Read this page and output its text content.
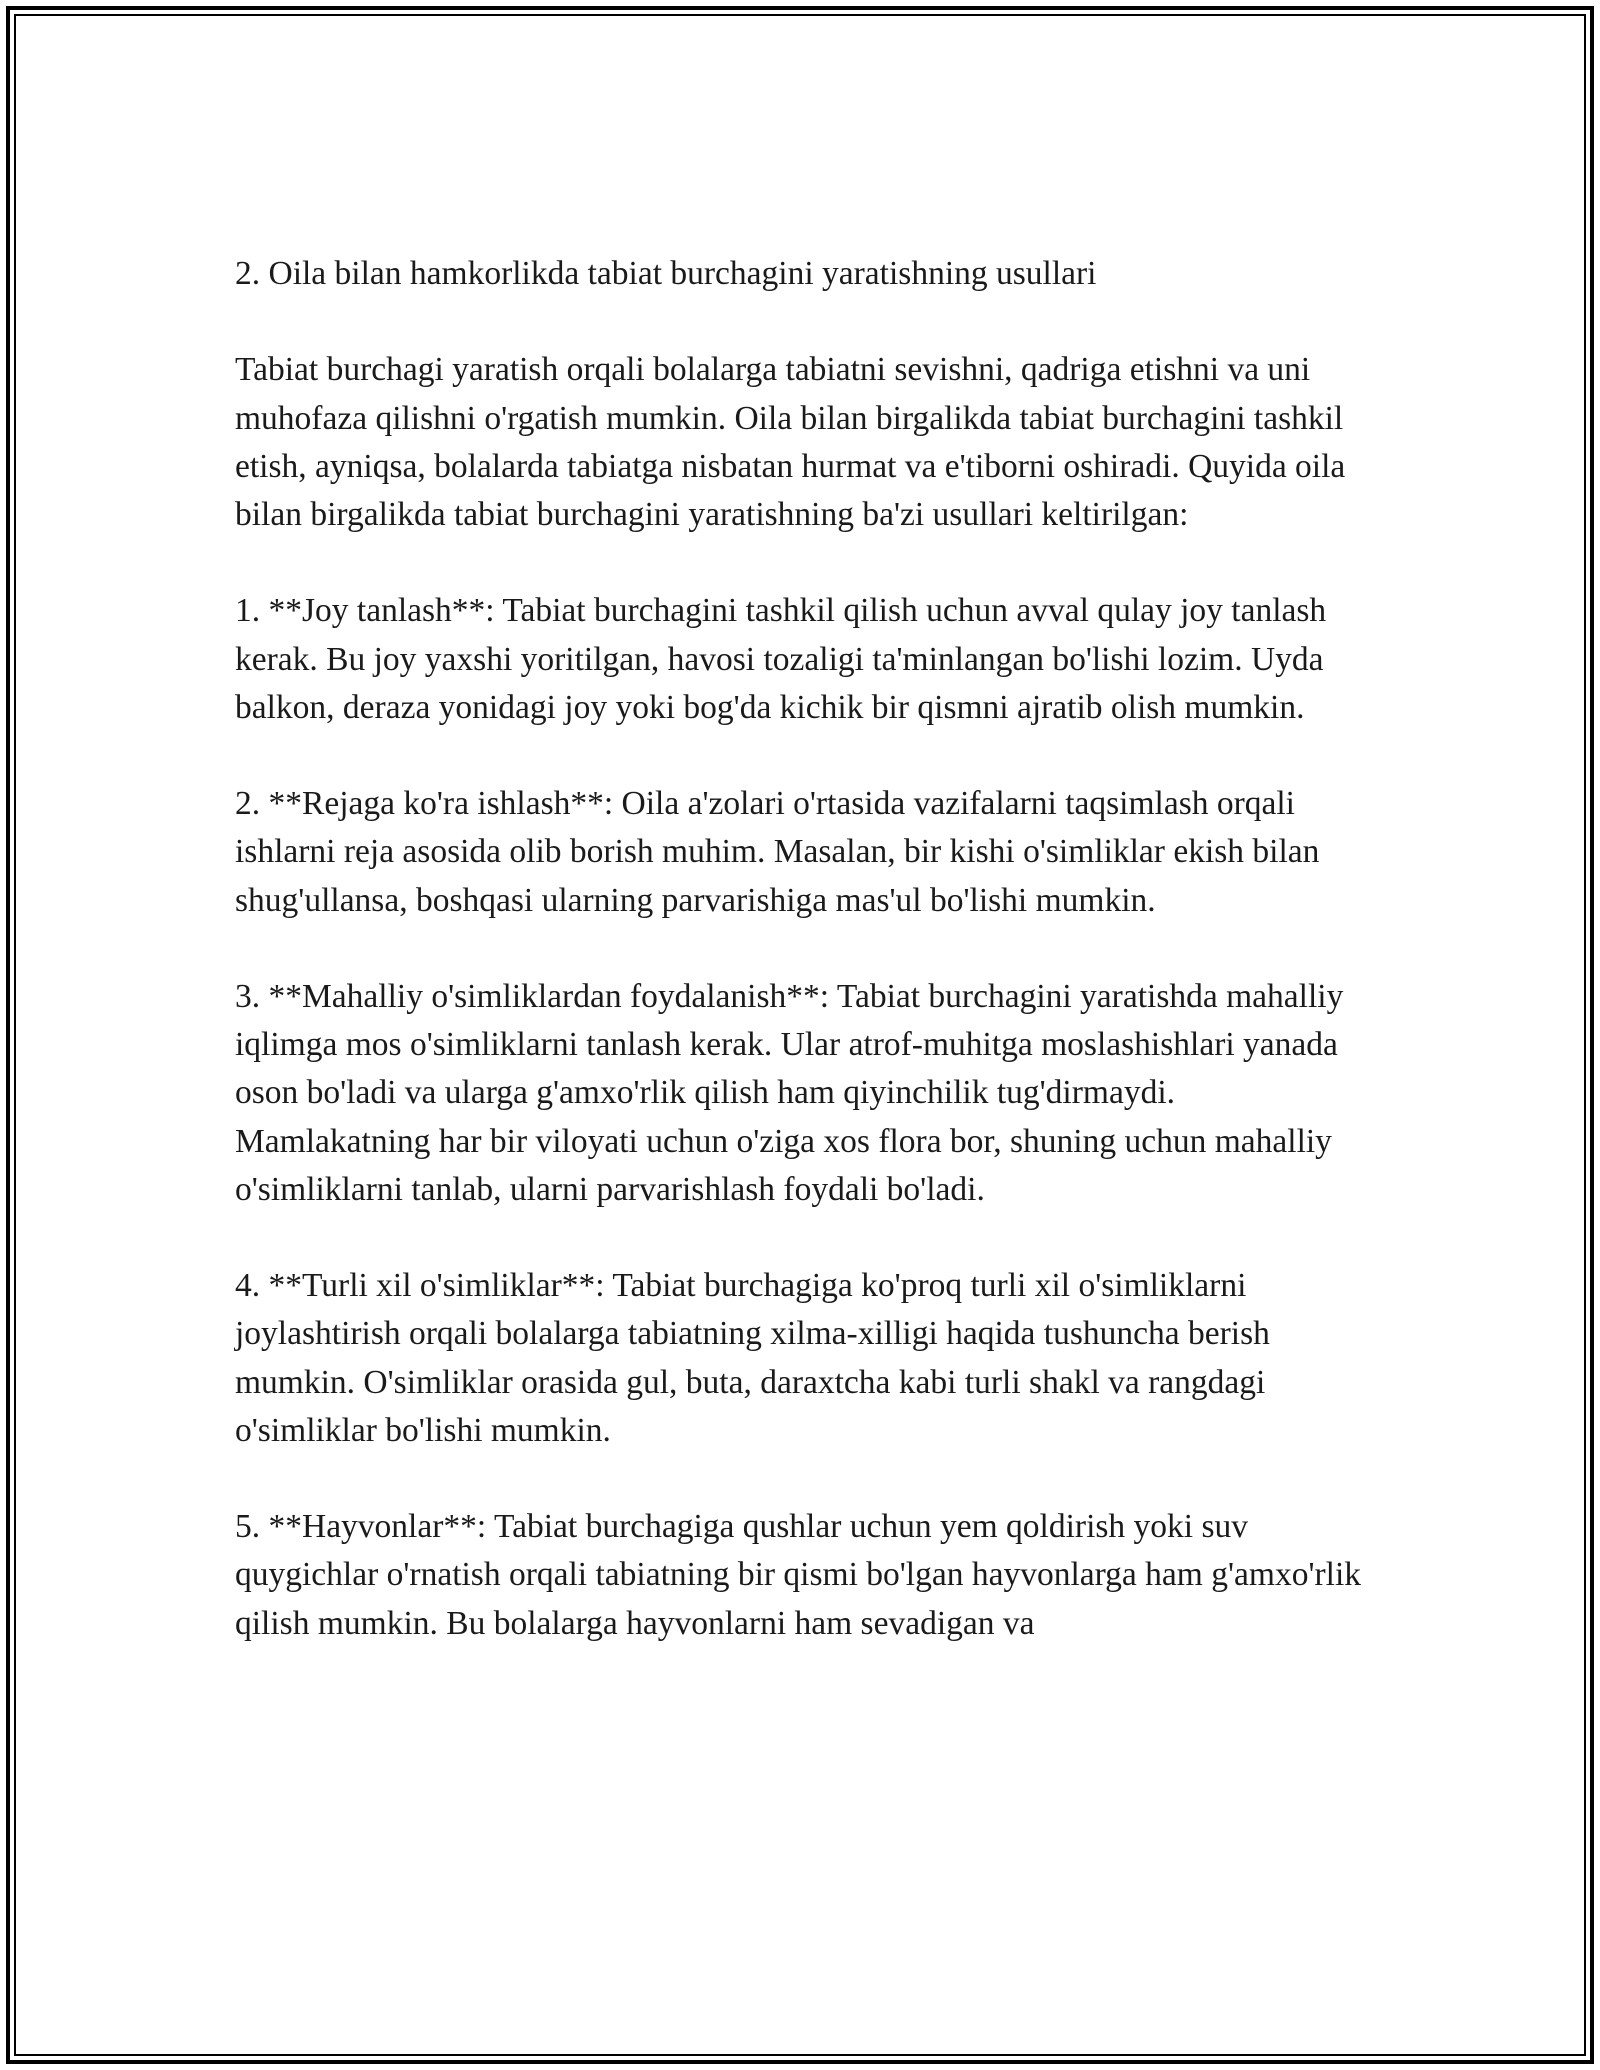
2. Oila bilan hamkorlikda tabiat burchagini yaratishning usullari

Tabiat burchagi yaratish orqali bolalarga tabiatni sevishni, qadriga etishni va uni muhofaza qilishni o'rgatish mumkin. Oila bilan birgalikda tabiat burchagini tashkil etish, ayniqsa, bolalarda tabiatga nisbatan hurmat va e'tiborni oshiradi. Quyida oila bilan birgalikda tabiat burchagini yaratishning ba'zi usullari keltirilgan:

1. **Joy tanlash**: Tabiat burchagini tashkil qilish uchun avval qulay joy tanlash kerak. Bu joy yaxshi yoritilgan, havosi tozaligi ta'minlangan bo'lishi lozim. Uyda balkon, deraza yonidagi joy yoki bog'da kichik bir qismni ajratib olish mumkin.

2. **Rejaga ko'ra ishlash**: Oila a'zolari o'rtasida vazifalarni taqsimlash orqali ishlarni reja asosida olib borish muhim. Masalan, bir kishi o'simliklar ekish bilan shug'ullansa, boshqasi ularning parvarishiga mas'ul bo'lishi mumkin.

3. **Mahalliy o'simliklardan foydalanish**: Tabiat burchagini yaratishda mahalliy iqlimga mos o'simliklarni tanlash kerak. Ular atrof-muhitga moslashishlari yanada oson bo'ladi va ularga g'amxo'rlik qilish ham qiyinchilik tug'dirmaydi. Mamlakatning har bir viloyati uchun o'ziga xos flora bor, shuning uchun mahalliy o'simliklarni tanlab, ularni parvarishlash foydali bo'ladi.

4. **Turli xil o'simliklar**: Tabiat burchagiga ko'proq turli xil o'simliklarni joylashtirish orqali bolalarga tabiatning xilma-xilligi haqida tushuncha berish mumkin. O'simliklar orasida gul, buta, daraxtcha kabi turli shakl va rangdagi o'simliklar bo'lishi mumkin.

5. **Hayvonlar**: Tabiat burchagiga qushlar uchun yem qoldirish yoki suv quygichlar o'rnatish orqali tabiatning bir qismi bo'lgan hayvonlarga ham g'amxo'rlik qilish mumkin. Bu bolalarga hayvonlarni ham sevadigan va
